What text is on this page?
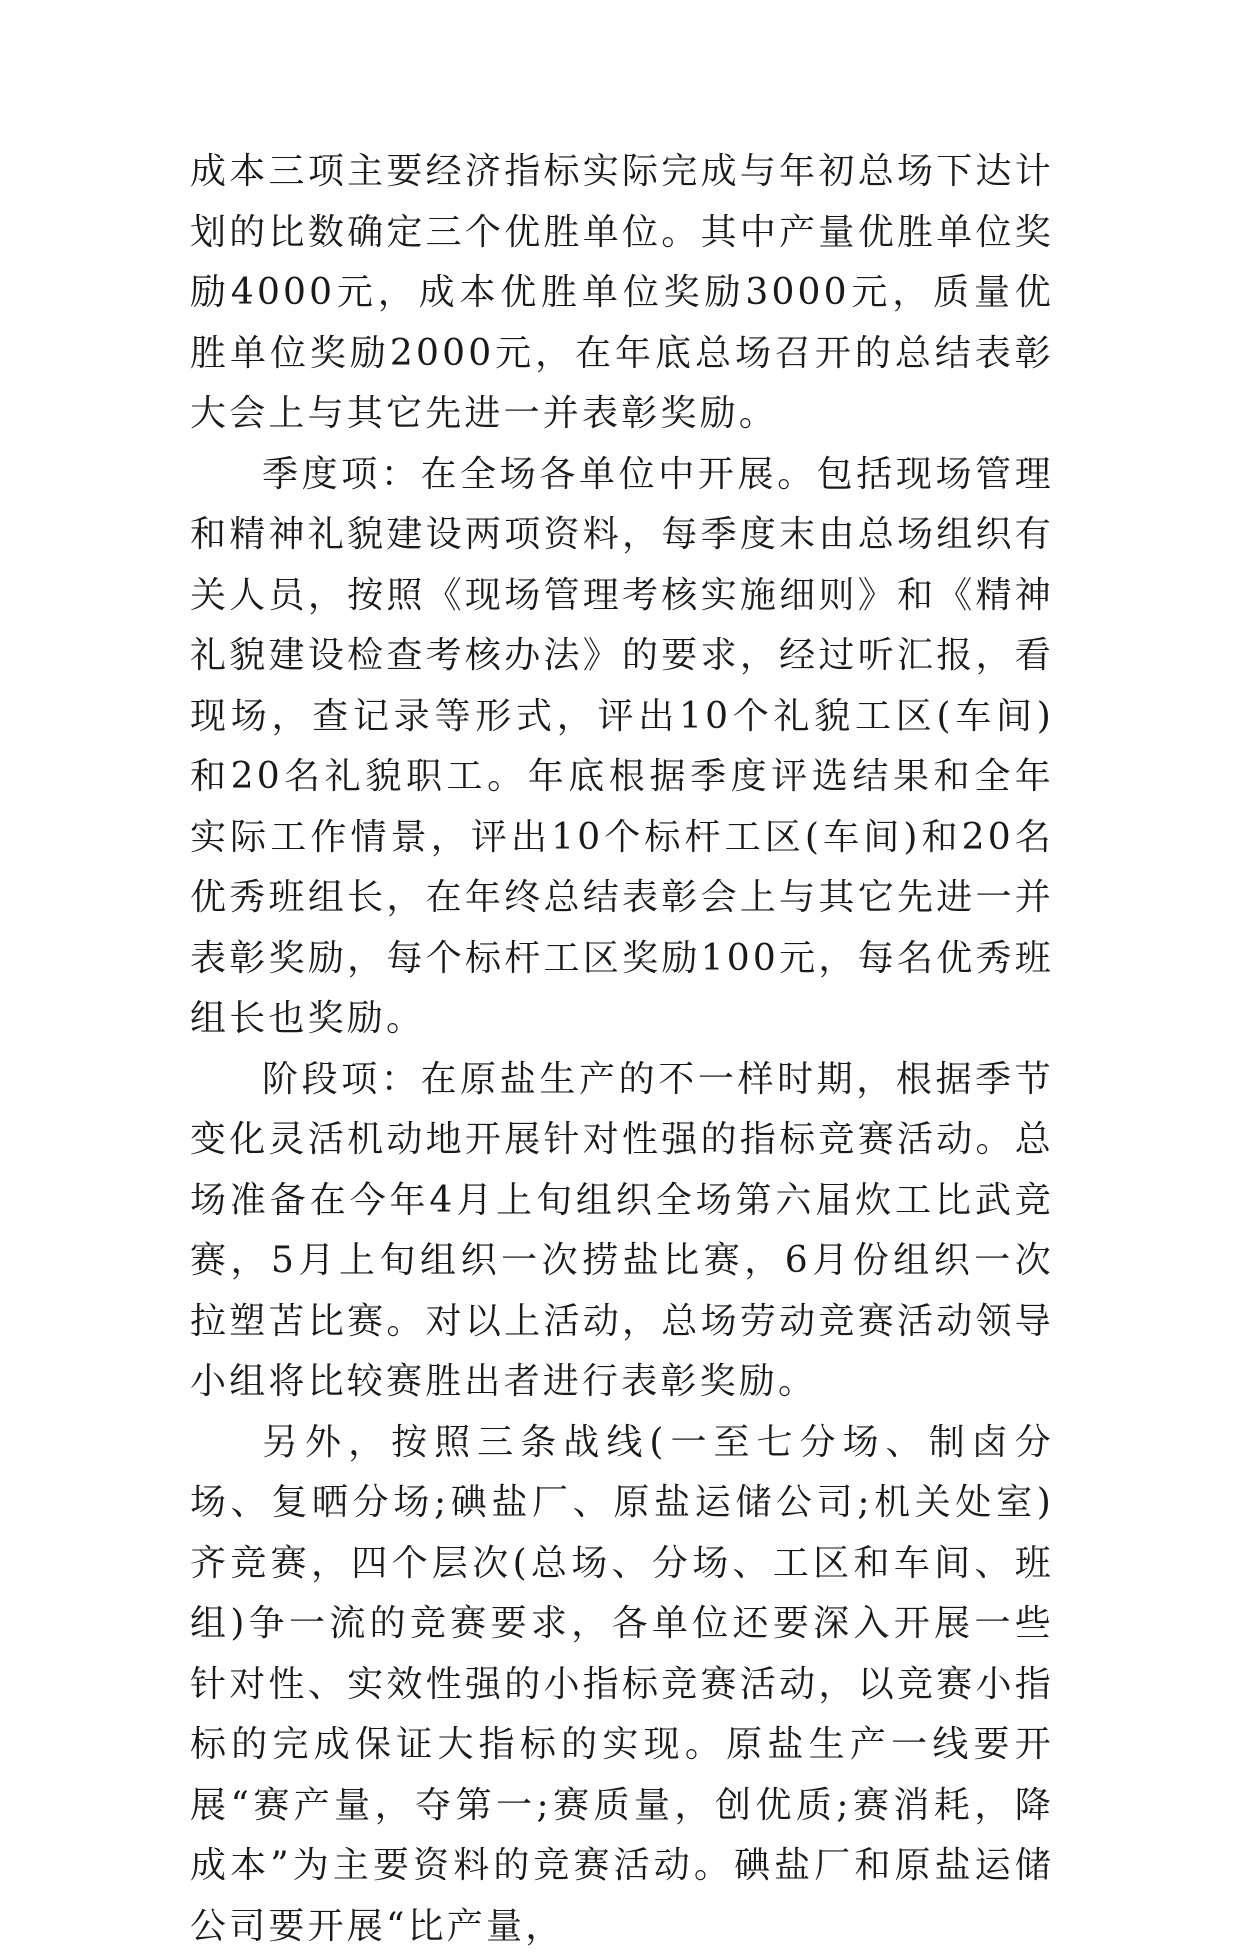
成本三项主要经济指标实际完成与年初总场下达计划的比数确定三个优胜单位。其中产量优胜单位奖励4000元，成本优胜单位奖励3000元，质量优胜单位奖励2000元，在年底总场召开的总结表彰大会上与其它先进一并表彰奖励。

季度项：在全场各单位中开展。包括现场管理和精神礼貌建设两项资料，每季度末由总场组织有关人员，按照《现场管理考核实施细则》和《精神礼貌建设检查考核办法》的要求，经过听汇报，看现场，查记录等形式，评出10个礼貌工区(车间)和20名礼貌职工。年底根据季度评选结果和全年实际工作情景，评出10个标杆工区(车间)和20名优秀班组长，在年终总结表彰会上与其它先进一并表彰奖励，每个标杆工区奖励100元，每名优秀班组长也奖励。

阶段项：在原盐生产的不一样时期，根据季节变化灵活机动地开展针对性强的指标竞赛活动。总场准备在今年4月上旬组织全场第六届炊工比武竞赛，5月上旬组织一次捞盐比赛，6月份组织一次拉塑苫比赛。对以上活动，总场劳动竞赛活动领导小组将比较赛胜出者进行表彰奖励。

另外，按照三条战线(一至七分场、制卤分场、复晒分场;碘盐厂、原盐运储公司;机关处室)齐竞赛，四个层次(总场、分场、工区和车间、班组)争一流的竞赛要求，各单位还要深入开展一些针对性、实效性强的小指标竞赛活动，以竞赛小指标的完成保证大指标的实现。原盐生产一线要开展“赛产量，夺第一;赛质量，创优质;赛消耗，降成本”为主要资料的竞赛活动。碘盐厂和原盐运储公司要开展“比产量，
